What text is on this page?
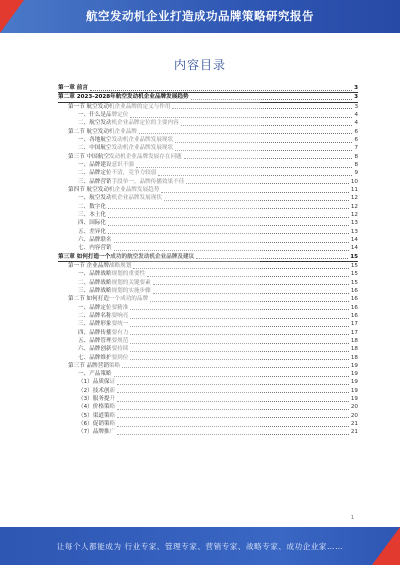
航空发动机企业打造成功品牌策略研究报告
内容目录
第一章 前言	3
第二章 2023-2028年航空发动机企业品牌发展趋势	3
第一节 航空发动机企业品牌的定义与作用	3
一、什么是品牌定位	4
二、航空发动机企业品牌定位的主要内容	4
第二节 航空发动机企业品牌	6
一、各地航空发动机企业品牌发展现状	6
二、中国航空发动机企业品牌发展现状	7
第三节 中国航空发动机企业品牌发展存在问题	8
一、品牌建设意识不强	8
二、品牌定位不清，竞争力较弱	9
三、品牌营销手段单一，品牌传播效果不佳	10
第四节 航空发动机企业品牌发展趋势	11
一、航空发动机企业品牌发展现状	12
二、数字化	12
三、本土化	12
四、国际化	13
五、差异化	13
六、品牌联名	14
七、内容营销	14
第三章 如何打造一个成功的航空发动机企业品牌及建议	15
第一节 企业品牌战略规划	15
一、品牌战略规划的重要性	15
二、品牌战略规划的关键要素	15
三、品牌战略规划的实施步骤	16
第二节 如何打造一个成功的品牌	16
一、品牌定位要精准	16
二、品牌名称要响亮	16
三、品牌形象要统一	17
四、品牌传播要有力	17
五、品牌管理要规范	18
六、品牌创新要持续	18
七、品牌维护要到位	18
第三节 品牌营销策略	19
一、产品策略	19
（1）品质保证	19
（2）技术创新	19
（3）服务提升	19
（4）价格策略	20
（5）渠道策略	20
（6）促销策略	21
（7）品牌推广	21
1
让每个人都能成为 行业专家、管理专家、营销专家、战略专家、成功企业家……
